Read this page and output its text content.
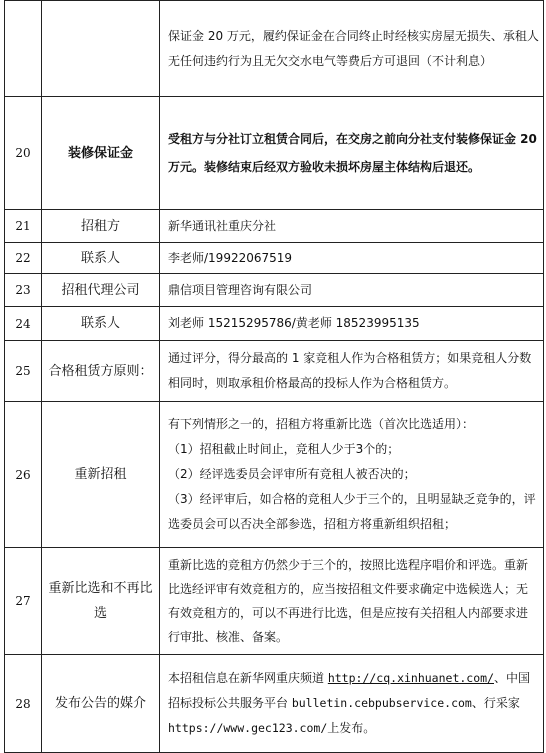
		保证金 20 万元，履约保证金在合同终止时经核实房屋无损失、承租人无任何违约行为且无欠交水电气等费后方可退回（不计利息）

20	装修保证金	受租方与分社订立租赁合同后，在交房之前向分社支付装修保证金 20 万元。装修结束后经双方验收未损坏房屋主体结构后退还。

21	招租方	新华通讯社重庆分社

22	联系人	李老师/19922067519

23	招租代理公司	鼎信项目管理咨询有限公司

24	联系人	刘老师 15215295786/黄老师 18523995135

25	合格租赁方原则：	通过评分，得分最高的 1 家竞租人作为合格租赁方；如果竞租人分数相同时，则取承租价格最高的投标人作为合格租赁方。

26	重新招租	有下列情形之一的，招租方将重新比选（首次比选适用）：

（1）招租截止时间止，竞租人少于3个的；

（2）经评选委员会评审所有竞租人被否决的；

（3）经评审后，如合格的竞租人少于三个的，且明显缺乏竞争的，评选委员会可以否决全部参选，招租方将重新组织招租；

27	重新比选和不再比选	重新比选的竞租方仍然少于三个的，按照比选程序唱价和评选。重新比选经评审有效竞租方的，应当按招租文件要求确定中选候选人；无有效竞租方的，可以不再进行比选，但是应按有关招租人内部要求进行审批、核准、备案。

28	发布公告的媒介	本招租信息在新华网重庆频道 http://cq.xinhuanet.com/、中国招标投标公共服务平台 bulletin.cebpubservice.com、行采家 https://www.gec123.com/上发布。
